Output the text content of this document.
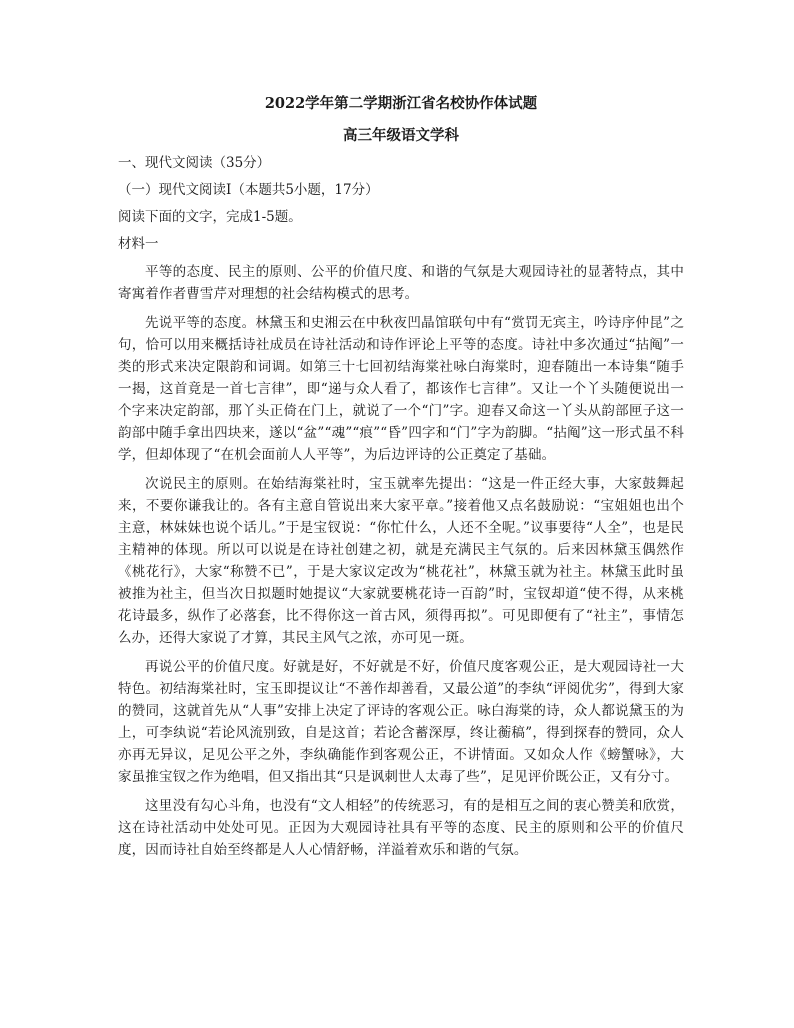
2022学年第二学期浙江省名校协作体试题
高三年级语文学科
一、现代文阅读（35分）
（一）现代文阅读Ⅰ（本题共5小题，17分）
阅读下面的文字，完成1-5题。
材料一

平等的态度、民主的原则、公平的价值尺度、和谐的气氛是大观园诗社的显著特点，其中寄寓着作者曹雪芹对理想的社会结构模式的思考。

先说平等的态度。林黛玉和史湘云在中秋夜凹晶馆联句中有“赏罚无宾主，吟诗序仲昆”之句，恰可以用来概括诗社成员在诗社活动和诗作评论上平等的态度。诗社中多次通过“拈阄”一类的形式来决定限韵和词调。如第三十七回初结海棠社咏白海棠时，迎春随出一本诗集“随手一揭，这首竟是一首七言律”，即“递与众人看了，都该作七言律”。又让一个丫头随便说出一个字来决定韵部，那丫头正倚在门上，就说了一个“门”字。迎春又命这一丫头从韵部匣子这一韵部中随手拿出四块来，遂以“盆”“魂”“痕”“昏”四字和“门”字为韵脚。“拈阄”这一形式虽不科学，但却体现了“在机会面前人人平等”，为后边评诗的公正奠定了基础。

次说民主的原则。在始结海棠社时，宝玉就率先提出：“这是一件正经大事，大家鼓舞起来，不要你谦我让的。各有主意自管说出来大家平章。”接着他又点名鼓励说：“宝姐姐也出个主意，林妹妹也说个话儿。”于是宝钗说：“你忙什么，人还不全呢。”议事要待“人全”，也是民主精神的体现。所以可以说是在诗社创建之初，就是充满民主气氛的。后来因林黛玉偶然作《桃花行》，大家“称赞不已”，于是大家议定改为“桃花社”，林黛玉就为社主。林黛玉此时虽被推为社主，但当次日拟题时她提议“大家就要桃花诗一百韵”时，宝钗却道“使不得，从来桃花诗最多，纵作了必落套，比不得你这一首古风，须得再拟”。可见即便有了“社主”，事情怎么办，还得大家说了才算，其民主风气之浓，亦可见一斑。

再说公平的价值尺度。好就是好，不好就是不好，价值尺度客观公正，是大观园诗社一大特色。初结海棠社时，宝玉即提议让“不善作却善看，又最公道”的李纨“评阅优劣”，得到大家的赞同，这就首先从“人事”安排上决定了评诗的客观公正。咏白海棠的诗，众人都说黛玉的为上，可李纨说“若论风流别致，自是这首；若论含蓄深厚，终让蘅稿”，得到探春的赞同，众人亦再无异议，足见公平之外，李纨确能作到客观公正，不讲情面。又如众人作《螃蟹咏》，大家虽推宝钗之作为绝唱，但又指出其“只是讽刺世人太毒了些”，足见评价既公正，又有分寸。

这里没有勾心斗角，也没有“文人相轻”的传统恶习，有的是相互之间的衷心赞美和欣赏，这在诗社活动中处处可见。正因为大观园诗社具有平等的态度、民主的原则和公平的价值尺度，因而诗社自始至终都是人人心情舒畅，洋溢着欢乐和谐的气氛。
